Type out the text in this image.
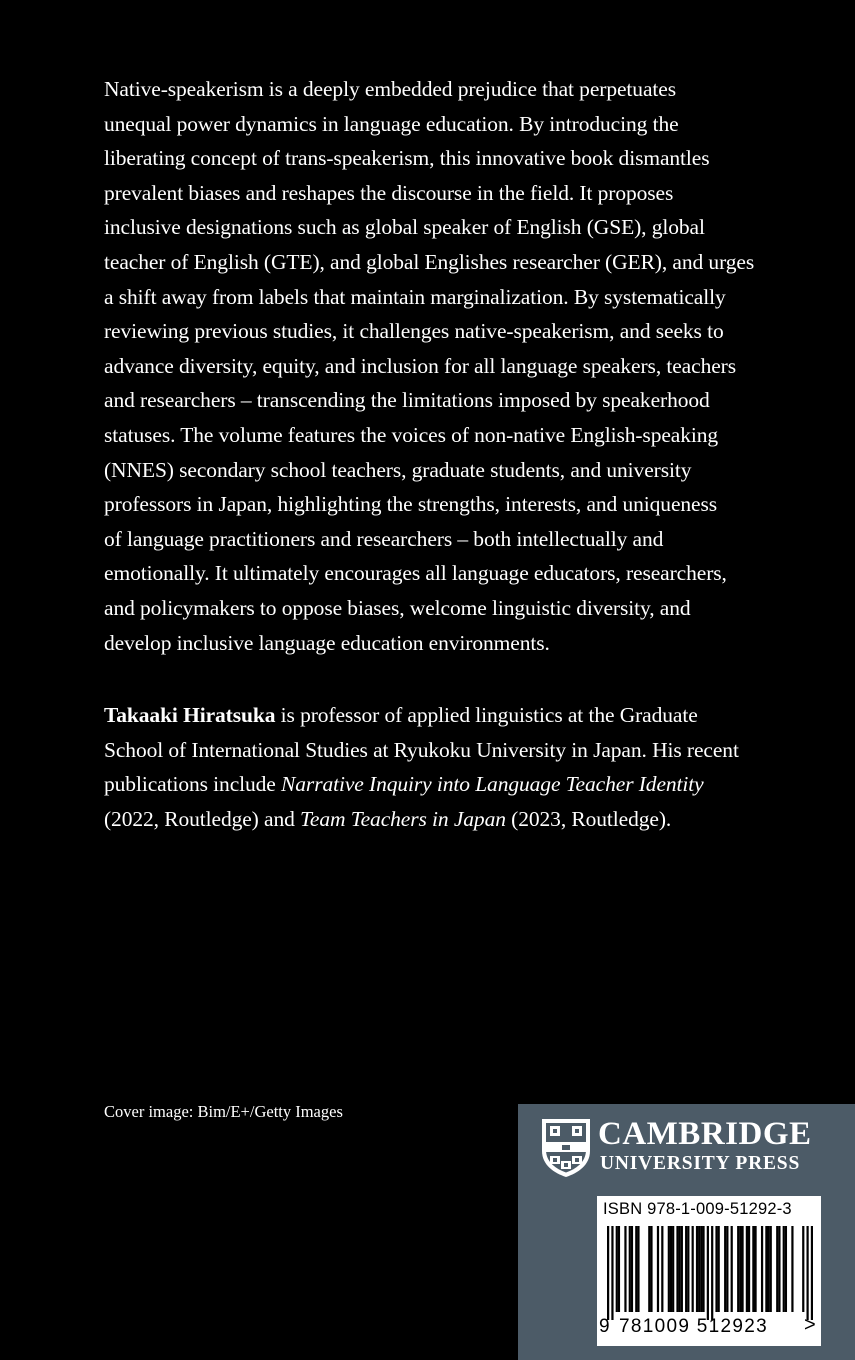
Native-speakerism is a deeply embedded prejudice that perpetuates
unequal power dynamics in language education. By introducing the
liberating concept of trans-speakerism, this innovative book dismantles
prevalent biases and reshapes the discourse in the field. It proposes
inclusive designations such as global speaker of English (GSE), global
teacher of English (GTE), and global Englishes researcher (GER), and urges
a shift away from labels that maintain marginalization. By systematically
reviewing previous studies, it challenges native-speakerism, and seeks to
advance diversity, equity, and inclusion for all language speakers, teachers
and researchers – transcending the limitations imposed by speakerhood
statuses. The volume features the voices of non-native English-speaking
(NNES) secondary school teachers, graduate students, and university
professors in Japan, highlighting the strengths, interests, and uniqueness
of language practitioners and researchers – both intellectually and
emotionally. It ultimately encourages all language educators, researchers,
and policymakers to oppose biases, welcome linguistic diversity, and
develop inclusive language education environments.

Takaaki Hiratsuka is professor of applied linguistics at the Graduate
School of International Studies at Ryukoku University in Japan. His recent
publications include Narrative Inquiry into Language Teacher Identity
(2022, Routledge) and Team Teachers in Japan (2023, Routledge).

Cover image: Bim/E+/Getty Images
CAMBRIDGE
UNIVERSITY PRESS
ISBN 978-1-009-51292-3
9 781009 512923 >
